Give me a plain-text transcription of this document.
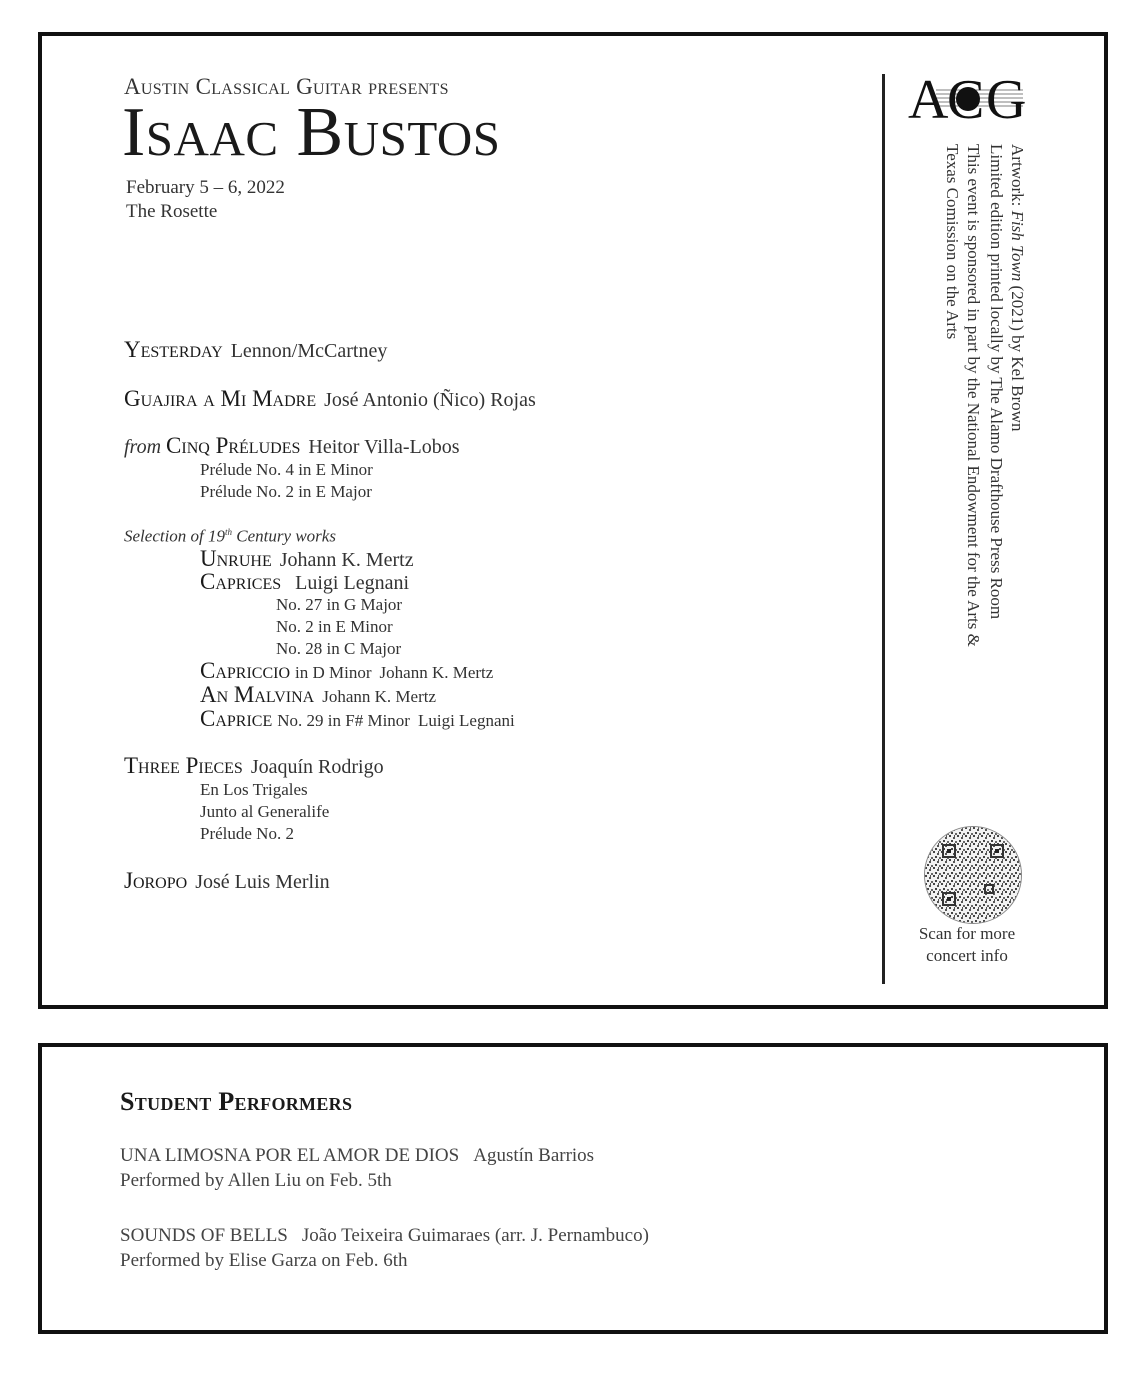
Austin Classical Guitar presents
Isaac Bustos
February 5 – 6, 2022
The Rosette
Yesterday Lennon/McCartney
Guajira a Mi Madre José Antonio (Ñico) Rojas
from Cinq Préludes Heitor Villa-Lobos
Prélude No. 4 in E Minor
Prélude No. 2 in E Major
Selection of 19th Century works
Unruhe Johann K. Mertz
Caprices Luigi Legnani
No. 27 in G Major
No. 2 in E Minor
No. 28 in C Major
Capriccio in D Minor Johann K. Mertz
An Malvina Johann K. Mertz
Caprice No. 29 in F# Minor Luigi Legnani
Three Pieces Joaquín Rodrigo
En Los Trigales
Junto al Generalife
Prélude No. 2
Joropo José Luis Merlin
A C G
Artwork: Fish Town (2021) by Kel Brown
Limited edition printed locally by The Alamo Drafthouse Press Room
This event is sponsored in part by the National Endowment for the Arts &
Texas Comission on the Arts
Scan for more
concert info
Student Performers
UNA LIMOSNA POR EL AMOR DE DIOS Agustín Barrios
Performed by Allen Liu on Feb. 5th
SOUNDS OF BELLS João Teixeira Guimaraes (arr. J. Pernambuco)
Performed by Elise Garza on Feb. 6th
